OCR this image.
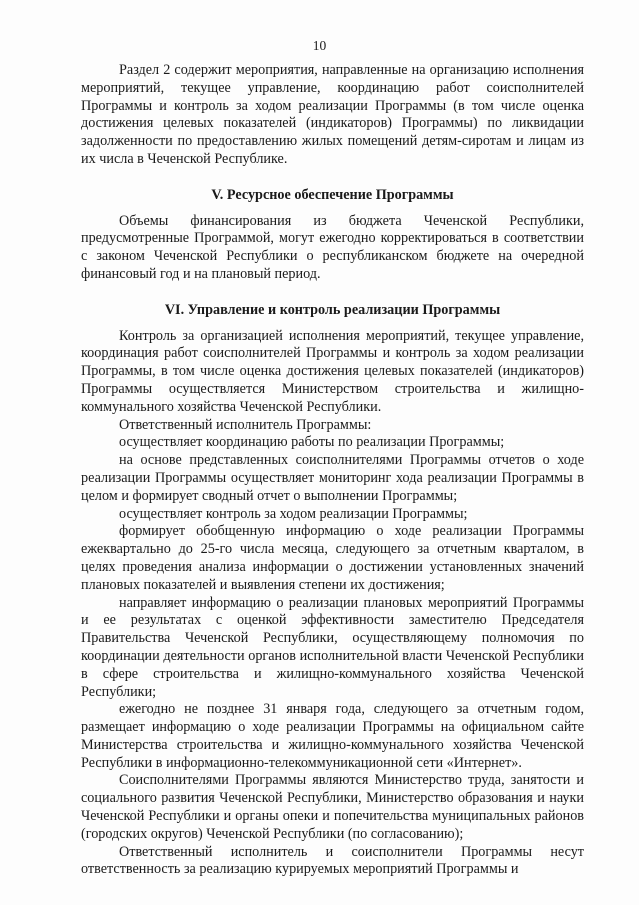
10

Раздел 2 содержит мероприятия, направленные на организацию исполнения мероприятий, текущее управление, координацию работ соисполнителей Программы и контроль за ходом реализации Программы (в том числе оценка достижения целевых показателей (индикаторов) Программы) по ликвидации задолженности по предоставлению жилых помещений детям-сиротам и лицам из их числа в Чеченской Республике.

V. Ресурсное обеспечение Программы

Объемы финансирования из бюджета Чеченской Республики, предусмотренные Программой, могут ежегодно корректироваться в соответствии с законом Чеченской Республики о республиканском бюджете на очередной финансовый год и на плановый период.

VI. Управление и контроль реализации Программы

Контроль за организацией исполнения мероприятий, текущее управление, координация работ соисполнителей Программы и контроль за ходом реализации Программы, в том числе оценка достижения целевых показателей (индикаторов) Программы осуществляется Министерством строительства и жилищно-коммунального хозяйства Чеченской Республики.

Ответственный исполнитель Программы:

осуществляет координацию работы по реализации Программы;

на основе представленных соисполнителями Программы отчетов о ходе реализации Программы осуществляет мониторинг хода реализации Программы в целом и формирует сводный отчет о выполнении Программы;

осуществляет контроль за ходом реализации Программы;

формирует обобщенную информацию о ходе реализации Программы ежеквартально до 25-го числа месяца, следующего за отчетным кварталом, в целях проведения анализа информации о достижении установленных значений плановых показателей и выявления степени их достижения;

направляет информацию о реализации плановых мероприятий Программы и ее результатах с оценкой эффективности заместителю Председателя Правительства Чеченской Республики, осуществляющему полномочия по координации деятельности органов исполнительной власти Чеченской Республики в сфере строительства и жилищно-коммунального хозяйства Чеченской Республики;

ежегодно не позднее 31 января года, следующего за отчетным годом, размещает информацию о ходе реализации Программы на официальном сайте Министерства строительства и жилищно-коммунального хозяйства Чеченской Республики в информационно-телекоммуникационной сети «Интернет».

Соисполнителями Программы являются Министерство труда, занятости и социального развития Чеченской Республики, Министерство образования и науки Чеченской Республики и органы опеки и попечительства муниципальных районов (городских округов) Чеченской Республики (по согласованию);

Ответственный исполнитель и соисполнители Программы несут ответственность за реализацию курируемых мероприятий Программы и
